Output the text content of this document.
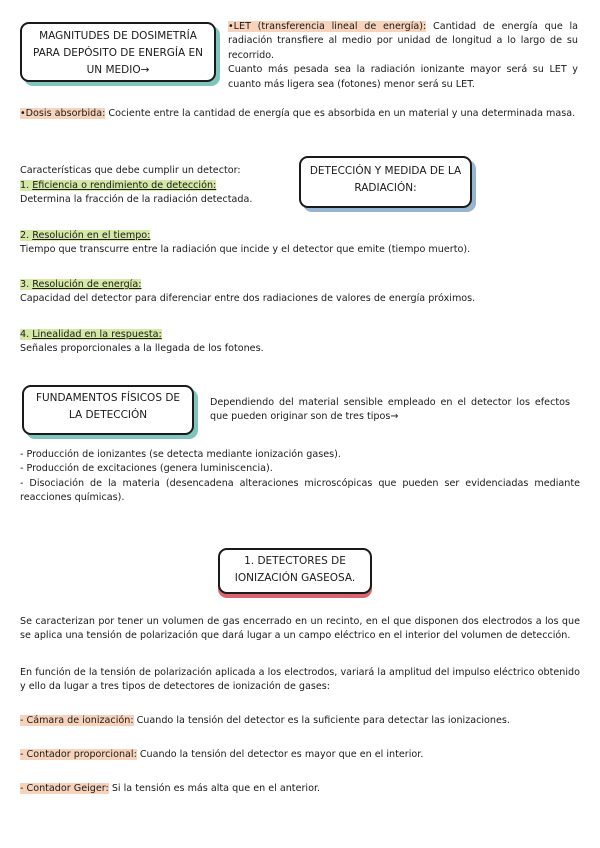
MAGNITUDES DE DOSIMETRÍA PARA DEPÓSITO DE ENERGÍA EN UN MEDIO→

•LET (transferencia lineal de energía): Cantidad de energía que la radiación transfiere al medio por unidad de longitud a lo largo de su recorrido.

Cuanto más pesada sea la radiación ionizante mayor será su LET y cuanto más ligera sea (fotones) menor será su LET.

•Dosis absorbida: Cociente entre la cantidad de energía que es absorbida en un material y una determinada masa.
DETECCIÓN Y MEDIDA DE LA RADIACIÓN:

Características que debe cumplir un detector:

1. Eficiencia o rendimiento de detección:

Determina la fracción de la radiación detectada.

2. Resolución en el tiempo:

Tiempo que transcurre entre la radiación que incide y el detector que emite (tiempo muerto).

3. Resolución de energía:

Capacidad del detector para diferenciar entre dos radiaciones de valores de energía próximos.

4. Linealidad en la respuesta:

Señales proporcionales a la llegada de los fotones.

FUNDAMENTOS FÍSICOS DE LA DETECCIÓN

Dependiendo del material sensible empleado en el detector los efectos que pueden originar son de tres tipos→

- Producción de ionizantes (se detecta mediante ionización gases).

- Producción de excitaciones (genera luminiscencia).

- Disociación de la materia (desencadena alteraciones microscópicas que pueden ser evidenciadas mediante reacciones químicas).

1. DETECTORES DE IONIZACIÓN GASEOSA.

Se caracterizan por tener un volumen de gas encerrado en un recinto, en el que disponen dos electrodos a los que se aplica una tensión de polarización que dará lugar a un campo eléctrico en el interior del volumen de detección.

En función de la tensión de polarización aplicada a los electrodos, variará la amplitud del impulso eléctrico obtenido y ello da lugar a tres tipos de detectores de ionización de gases:

- Cámara de ionización: Cuando la tensión del detector es la suficiente para detectar las ionizaciones.
- Contador proporcional: Cuando la tensión del detector es mayor que en el interior.
- Contador Geiger: Si la tensión es más alta que en el anterior.
